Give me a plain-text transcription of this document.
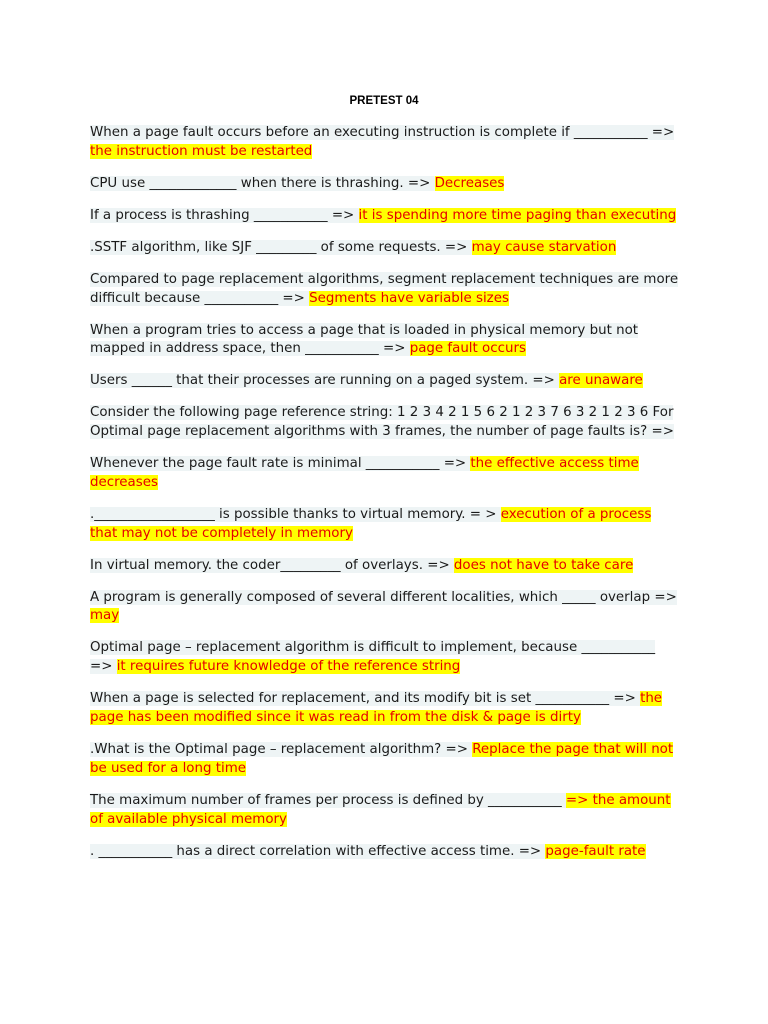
PRETEST 04

When a page fault occurs before an executing instruction is complete if ___________ => the instruction must be restarted

CPU use _____________ when there is thrashing. => Decreases

If a process is thrashing ___________ => it is spending more time paging than executing

.SSTF algorithm, like SJF _________ of some requests. => may cause starvation

Compared to page replacement algorithms, segment replacement techniques are more difficult because ___________ => Segments have variable sizes

When a program tries to access a page that is loaded in physical memory but not mapped in address space, then ___________ => page fault occurs

Users ______ that their processes are running on a paged system. => are unaware

Consider the following page reference string: 1 2 3 4 2 1 5 6 2 1 2 3 7 6 3 2 1 2 3 6 For Optimal page replacement algorithms with 3 frames, the number of page faults is? =>

Whenever the page fault rate is minimal ___________ => the effective access time decreases

.__________________ is possible thanks to virtual memory. = > execution of a process that may not be completely in memory

In virtual memory. the coder_________ of overlays. => does not have to take care

A program is generally composed of several different localities, which _____ overlap => may

Optimal page – replacement algorithm is difficult to implement, because ___________ => it requires future knowledge of the reference string

When a page is selected for replacement, and its modify bit is set ___________ => the page has been modified since it was read in from the disk & page is dirty

.What is the Optimal page – replacement algorithm? => Replace the page that will not be used for a long time

The maximum number of frames per process is defined by ___________ => the amount of available physical memory

. ___________ has a direct correlation with effective access time. => page-fault rate
